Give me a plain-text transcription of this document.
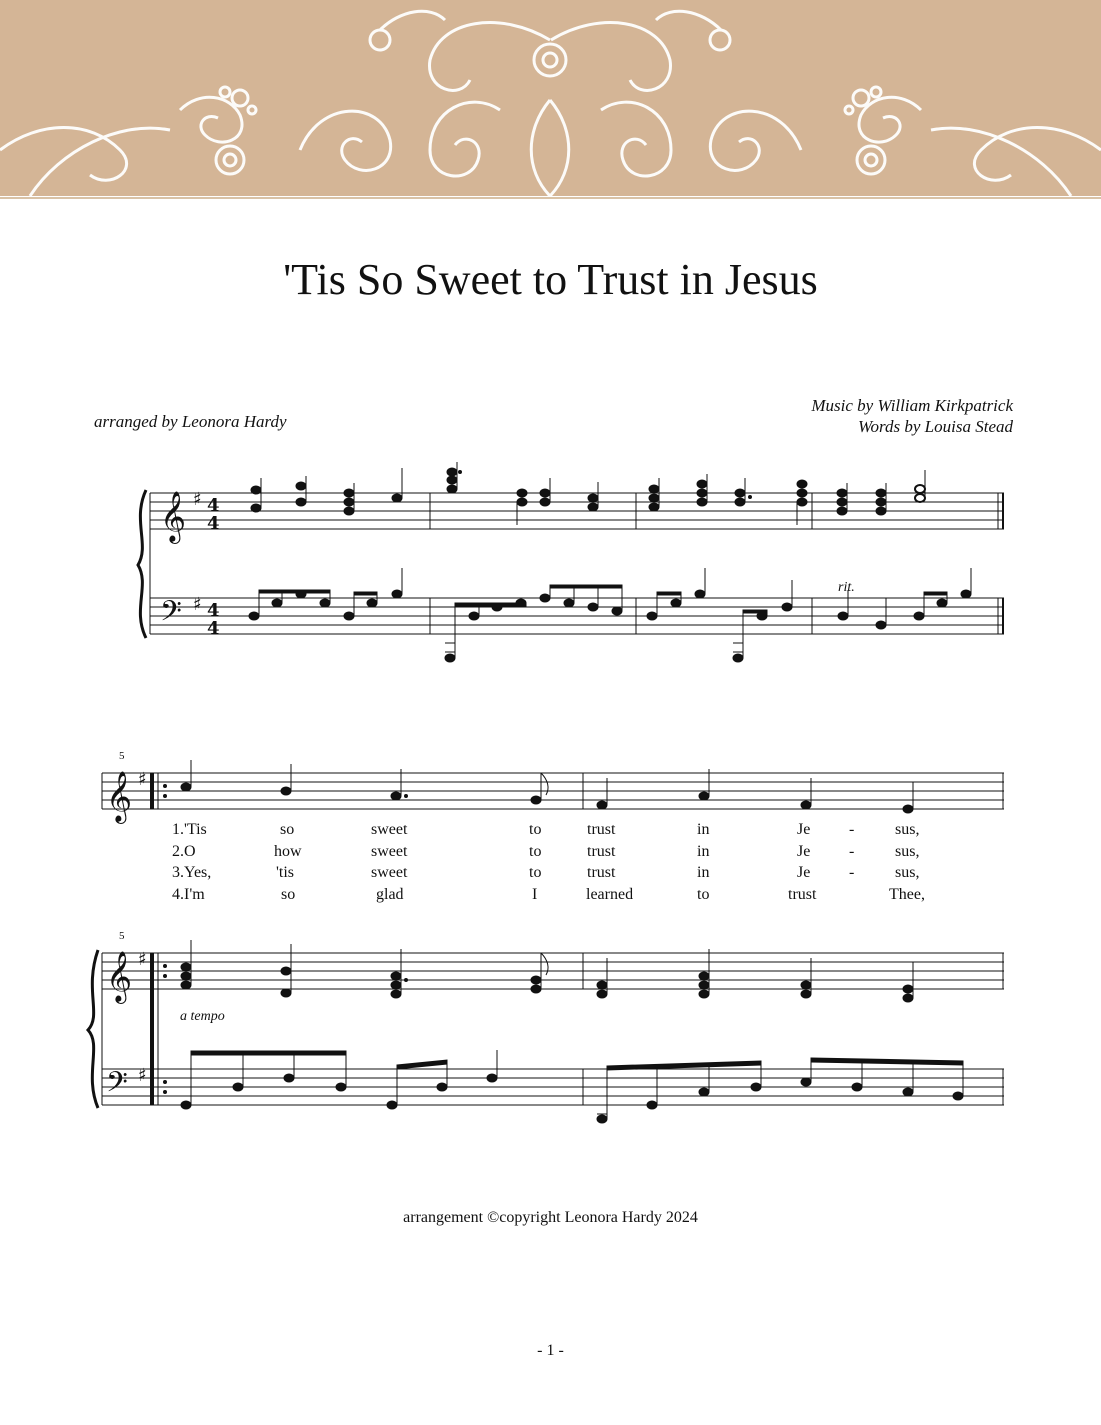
'Tis So Sweet to Trust in Jesus
arranged by Leonora Hardy
Music by William Kirkpatrick
Words by Louisa Stead
𝄞
𝄢
♯
♯
4
4
4
4
𝄞 ♯
𝄞 ♯
𝄢 ♯
5
5
rit.
a tempo
1.'Tis	so	sweet	to	trust	in	Je -	sus,
2.O	how	sweet	to	trust	in	Je -	sus,
3.Yes,	'tis	sweet	to	trust	in	Je -	sus,
4.I'm	so	glad	I	learned	to	trust	Thee,
arrangement ©copyright Leonora Hardy 2024
- 1 -
